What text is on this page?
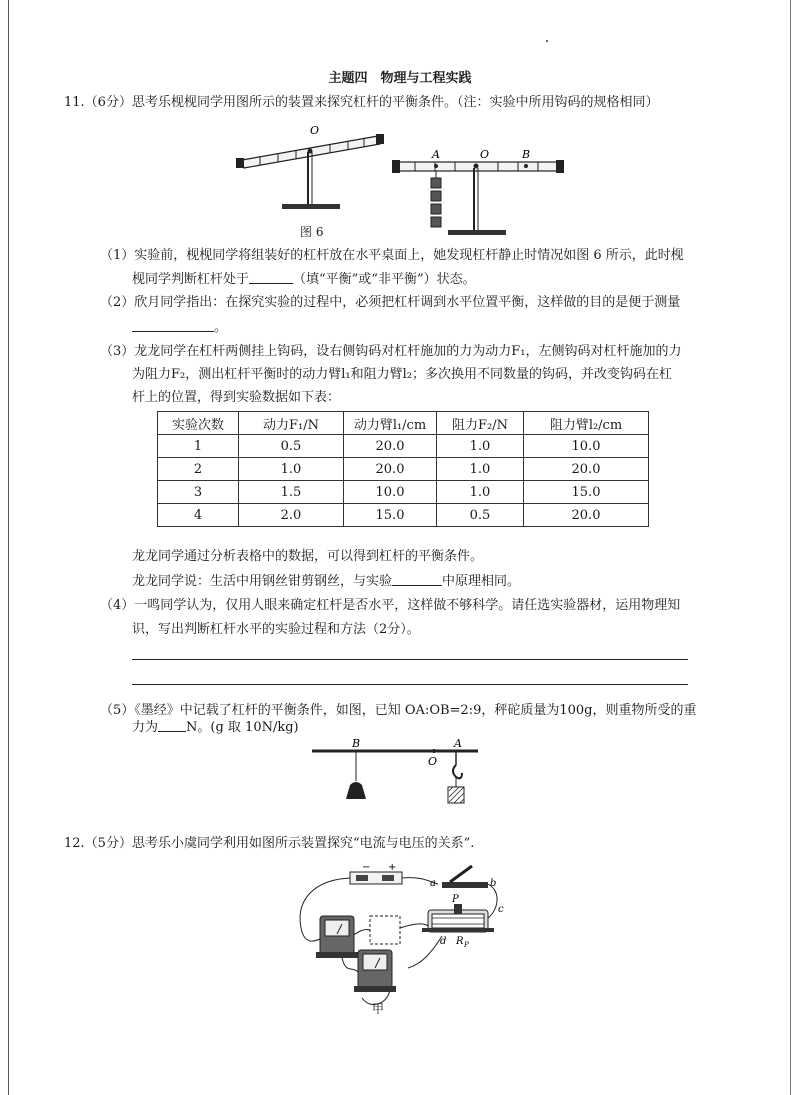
主题四　物理与工程实践
11.（6分）思考乐枧枧同学用图所示的装置来探究杠杆的平衡条件。（注：实验中所用钩码的规格相同）
O
A	O	B
图 6
（1）实验前，枧枧同学将组装好的杠杆放在水平桌面上，她发现杠杆静止时情况如图 6 所示，此时枧
枧同学判断杠杆处于	（填“平衡”或“非平衡”）状态。
（2）欣月同学指出：在探究实验的过程中，必须把杠杆调到水平位置平衡，这样做的目的是便于测量
。
（3）龙龙同学在杠杆两侧挂上钩码，设右侧钩码对杠杆施加的力为动力F₁，左侧钩码对杠杆施加的力
为阻力F₂，测出杠杆平衡时的动力臂l₁和阻力臂l₂；多次换用不同数量的钩码，并改变钩码在杠
杆上的位置，得到实验数据如下表：
实验次数	动力F₁/N	动力臂l₁/cm	阻力F₂/N	阻力臂l₂/cm
1	0.5	20.0	1.0	10.0
2	1.0	20.0	1.0	20.0
3	1.5	10.0	1.0	15.0
4	2.0	15.0	0.5	20.0
龙龙同学通过分析表格中的数据，可以得到杠杆的平衡条件。
龙龙同学说：生活中用钢丝钳剪钢丝，与实验	中原理相同。
（4）一鸣同学认为，仅用人眼来确定杠杆是否水平，这样做不够科学。请任选实验器材，运用物理知
识，写出判断杠杆水平的实验过程和方法（2分）。
（5）《墨经》中记载了杠杆的平衡条件，如图，已知 OA:OB=2:9，秤砣质量为100g，则重物所受的重
力为 N。(g 取 10N/kg)
B	A
O
12.（5分）思考乐小虞同学利用如图所示装置探究“电流与电压的关系”.
− +
a	b
c
P
d R P
甲
